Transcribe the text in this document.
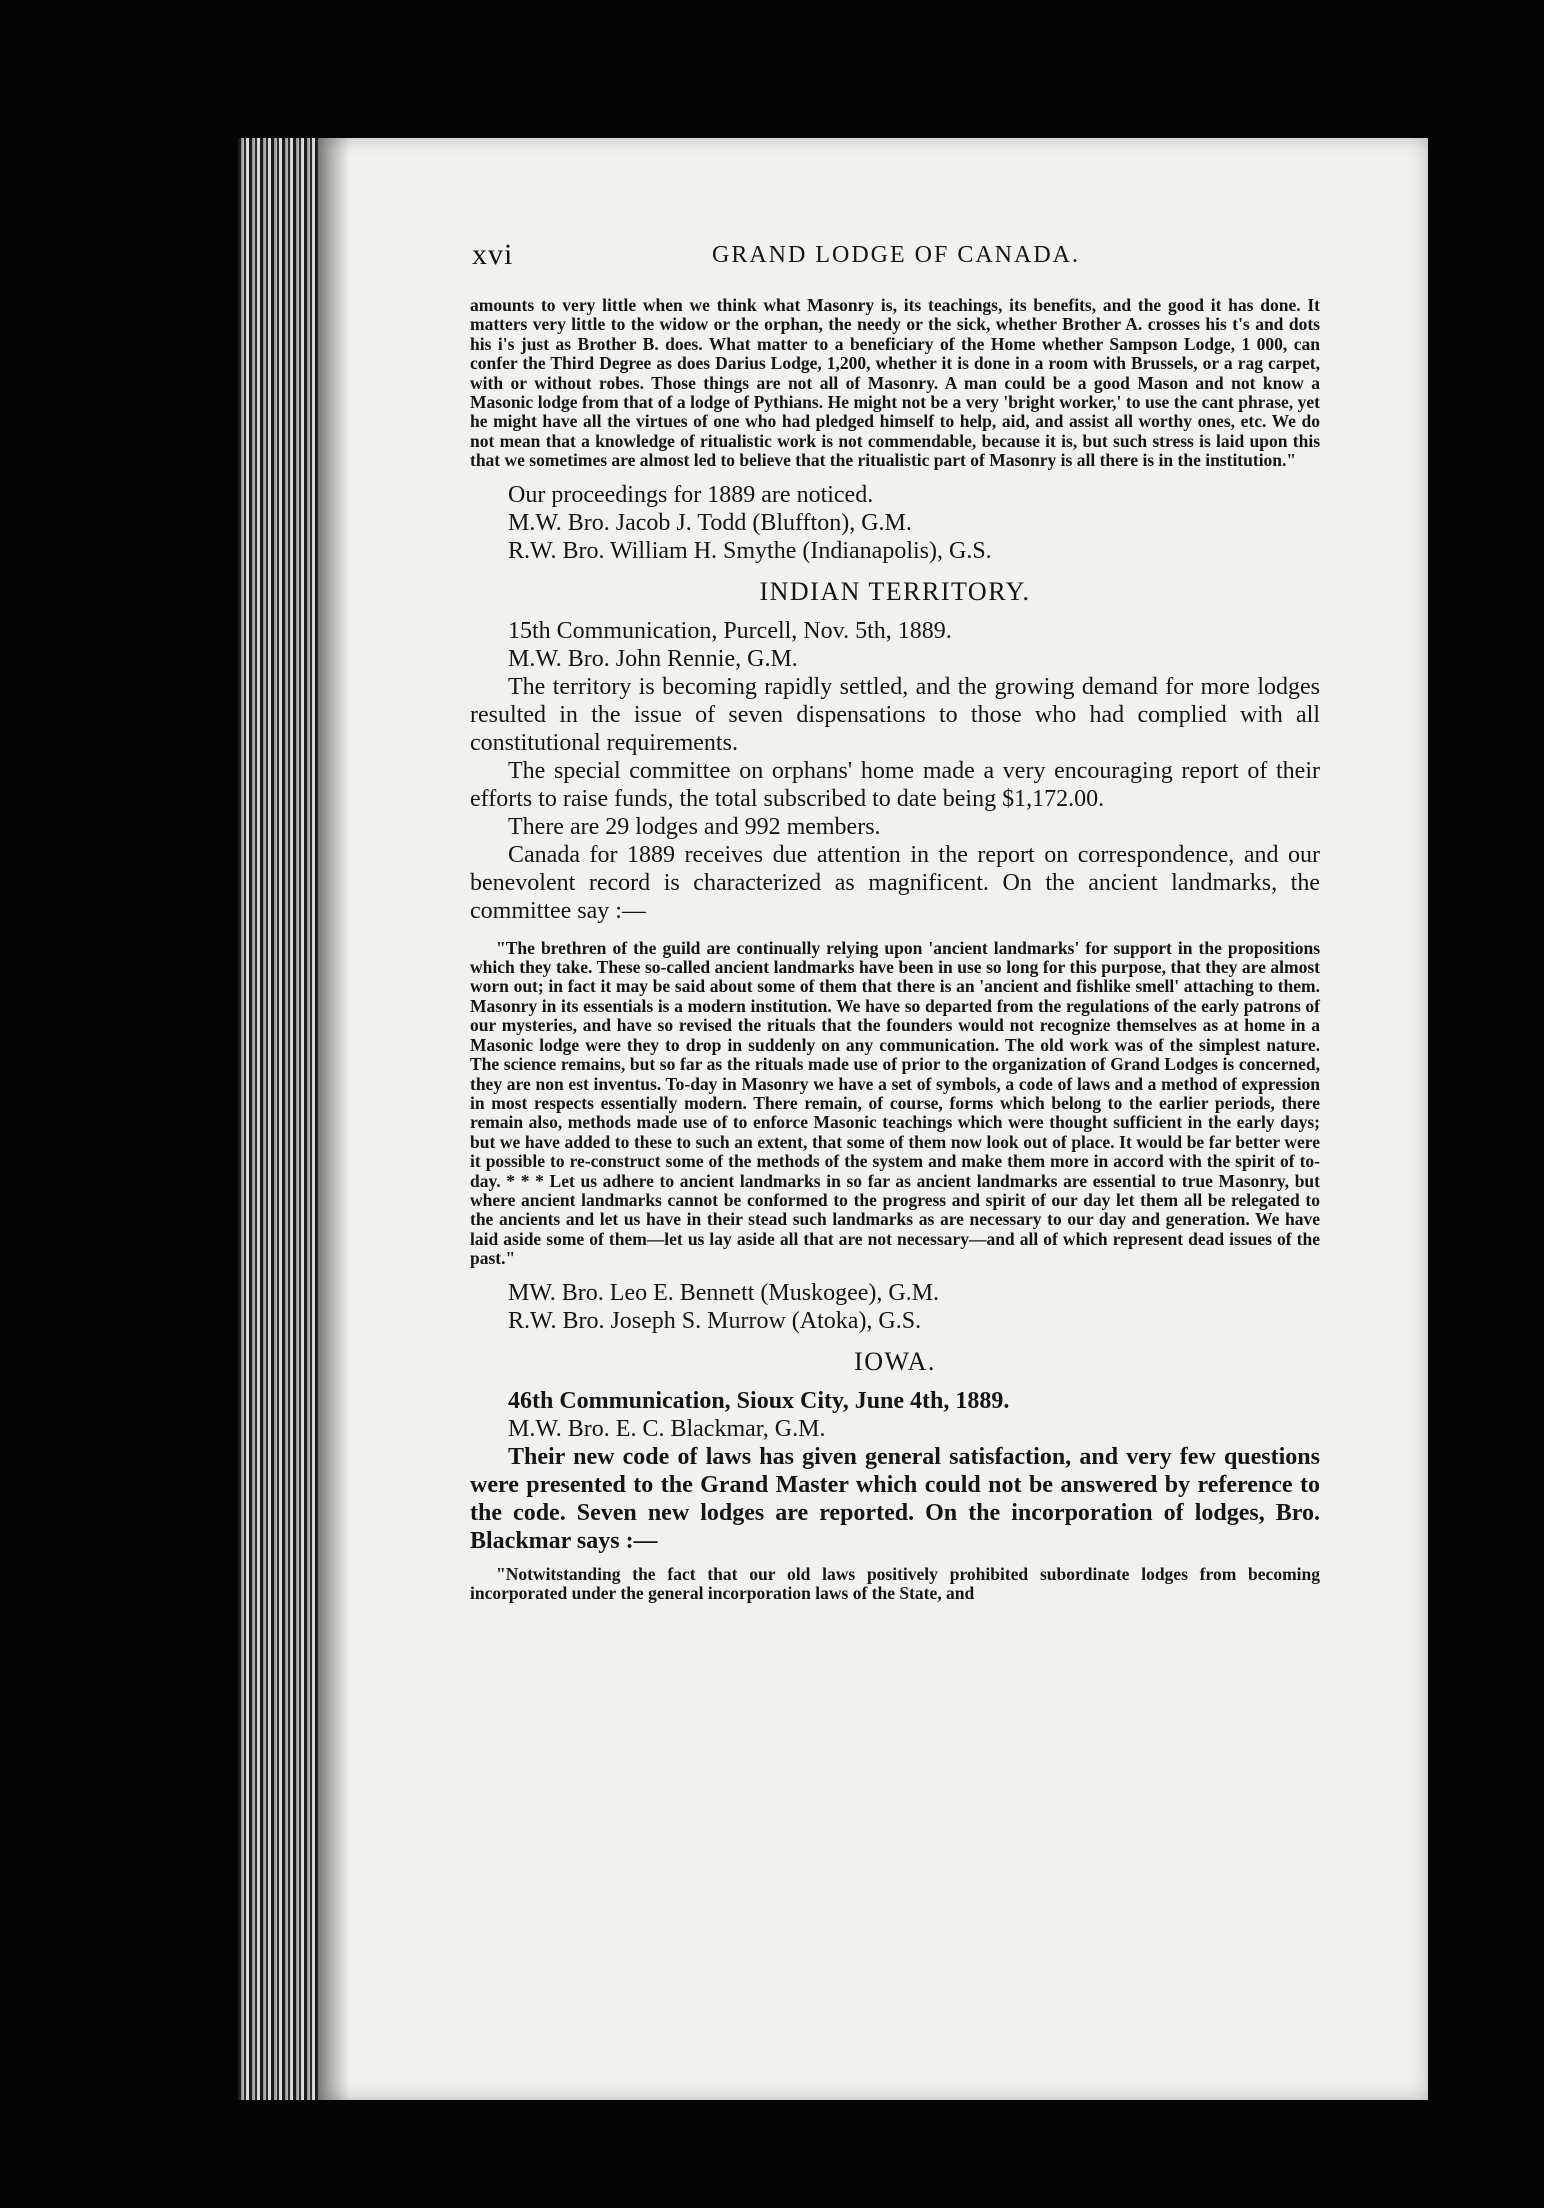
xvi	GRAND LODGE OF CANADA.

amounts to very little when we think what Masonry is, its teachings, its benefits, and the good it has done. It matters very little to the widow or the orphan, the needy or the sick, whether Brother A. crosses his t's and dots his i's just as Brother B. does. What matter to a beneficiary of the Home whether Sampson Lodge, 1 000, can confer the Third Degree as does Darius Lodge, 1,200, whether it is done in a room with Brussels, or a rag carpet, with or without robes. Those things are not all of Masonry. A man could be a good Mason and not know a Masonic lodge from that of a lodge of Pythians. He might not be a very 'bright worker,' to use the cant phrase, yet he might have all the virtues of one who had pledged himself to help, aid, and assist all worthy ones, etc. We do not mean that a knowledge of ritualistic work is not commendable, because it is, but such stress is laid upon this that we sometimes are almost led to believe that the ritualistic part of Masonry is all there is in the institution."

Our proceedings for 1889 are noticed.

M.W. Bro. Jacob J. Todd (Bluffton), G.M.

R.W. Bro. William H. Smythe (Indianapolis), G.S.

INDIAN TERRITORY.

15th Communication, Purcell, Nov. 5th, 1889.

M.W. Bro. John Rennie, G.M.

The territory is becoming rapidly settled, and the growing demand for more lodges resulted in the issue of seven dispensations to those who had complied with all constitutional requirements.

The special committee on orphans' home made a very encouraging report of their efforts to raise funds, the total subscribed to date being $1,172.00.

There are 29 lodges and 992 members.

Canada for 1889 receives due attention in the report on correspondence, and our benevolent record is characterized as magnificent. On the ancient landmarks, the committee say :—

"The brethren of the guild are continually relying upon 'ancient landmarks' for support in the propositions which they take. These so-called ancient landmarks have been in use so long for this purpose, that they are almost worn out; in fact it may be said about some of them that there is an 'ancient and fishlike smell' attaching to them. Masonry in its essentials is a modern institution. We have so departed from the regulations of the early patrons of our mysteries, and have so revised the rituals that the founders would not recognize themselves as at home in a Masonic lodge were they to drop in suddenly on any communication. The old work was of the simplest nature. The science remains, but so far as the rituals made use of prior to the organization of Grand Lodges is concerned, they are non est inventus. To-day in Masonry we have a set of symbols, a code of laws and a method of expression in most respects essentially modern. There remain, of course, forms which belong to the earlier periods, there remain also, methods made use of to enforce Masonic teachings which were thought sufficient in the early days; but we have added to these to such an extent, that some of them now look out of place. It would be far better were it possible to re-construct some of the methods of the system and make them more in accord with the spirit of to-day. * * * Let us adhere to ancient landmarks in so far as ancient landmarks are essential to true Masonry, but where ancient landmarks cannot be conformed to the progress and spirit of our day let them all be relegated to the ancients and let us have in their stead such landmarks as are necessary to our day and generation. We have laid aside some of them—let us lay aside all that are not necessary—and all of which represent dead issues of the past."

MW. Bro. Leo E. Bennett (Muskogee), G.M.

R.W. Bro. Joseph S. Murrow (Atoka), G.S.

IOWA.

46th Communication, Sioux City, June 4th, 1889.

M.W. Bro. E. C. Blackmar, G.M.

Their new code of laws has given general satisfaction, and very few questions were presented to the Grand Master which could not be answered by reference to the code. Seven new lodges are reported. On the incorporation of lodges, Bro. Blackmar says :—

"Notwitstanding the fact that our old laws positively prohibited subordinate lodges from becoming incorporated under the general incorporation laws of the State, and
